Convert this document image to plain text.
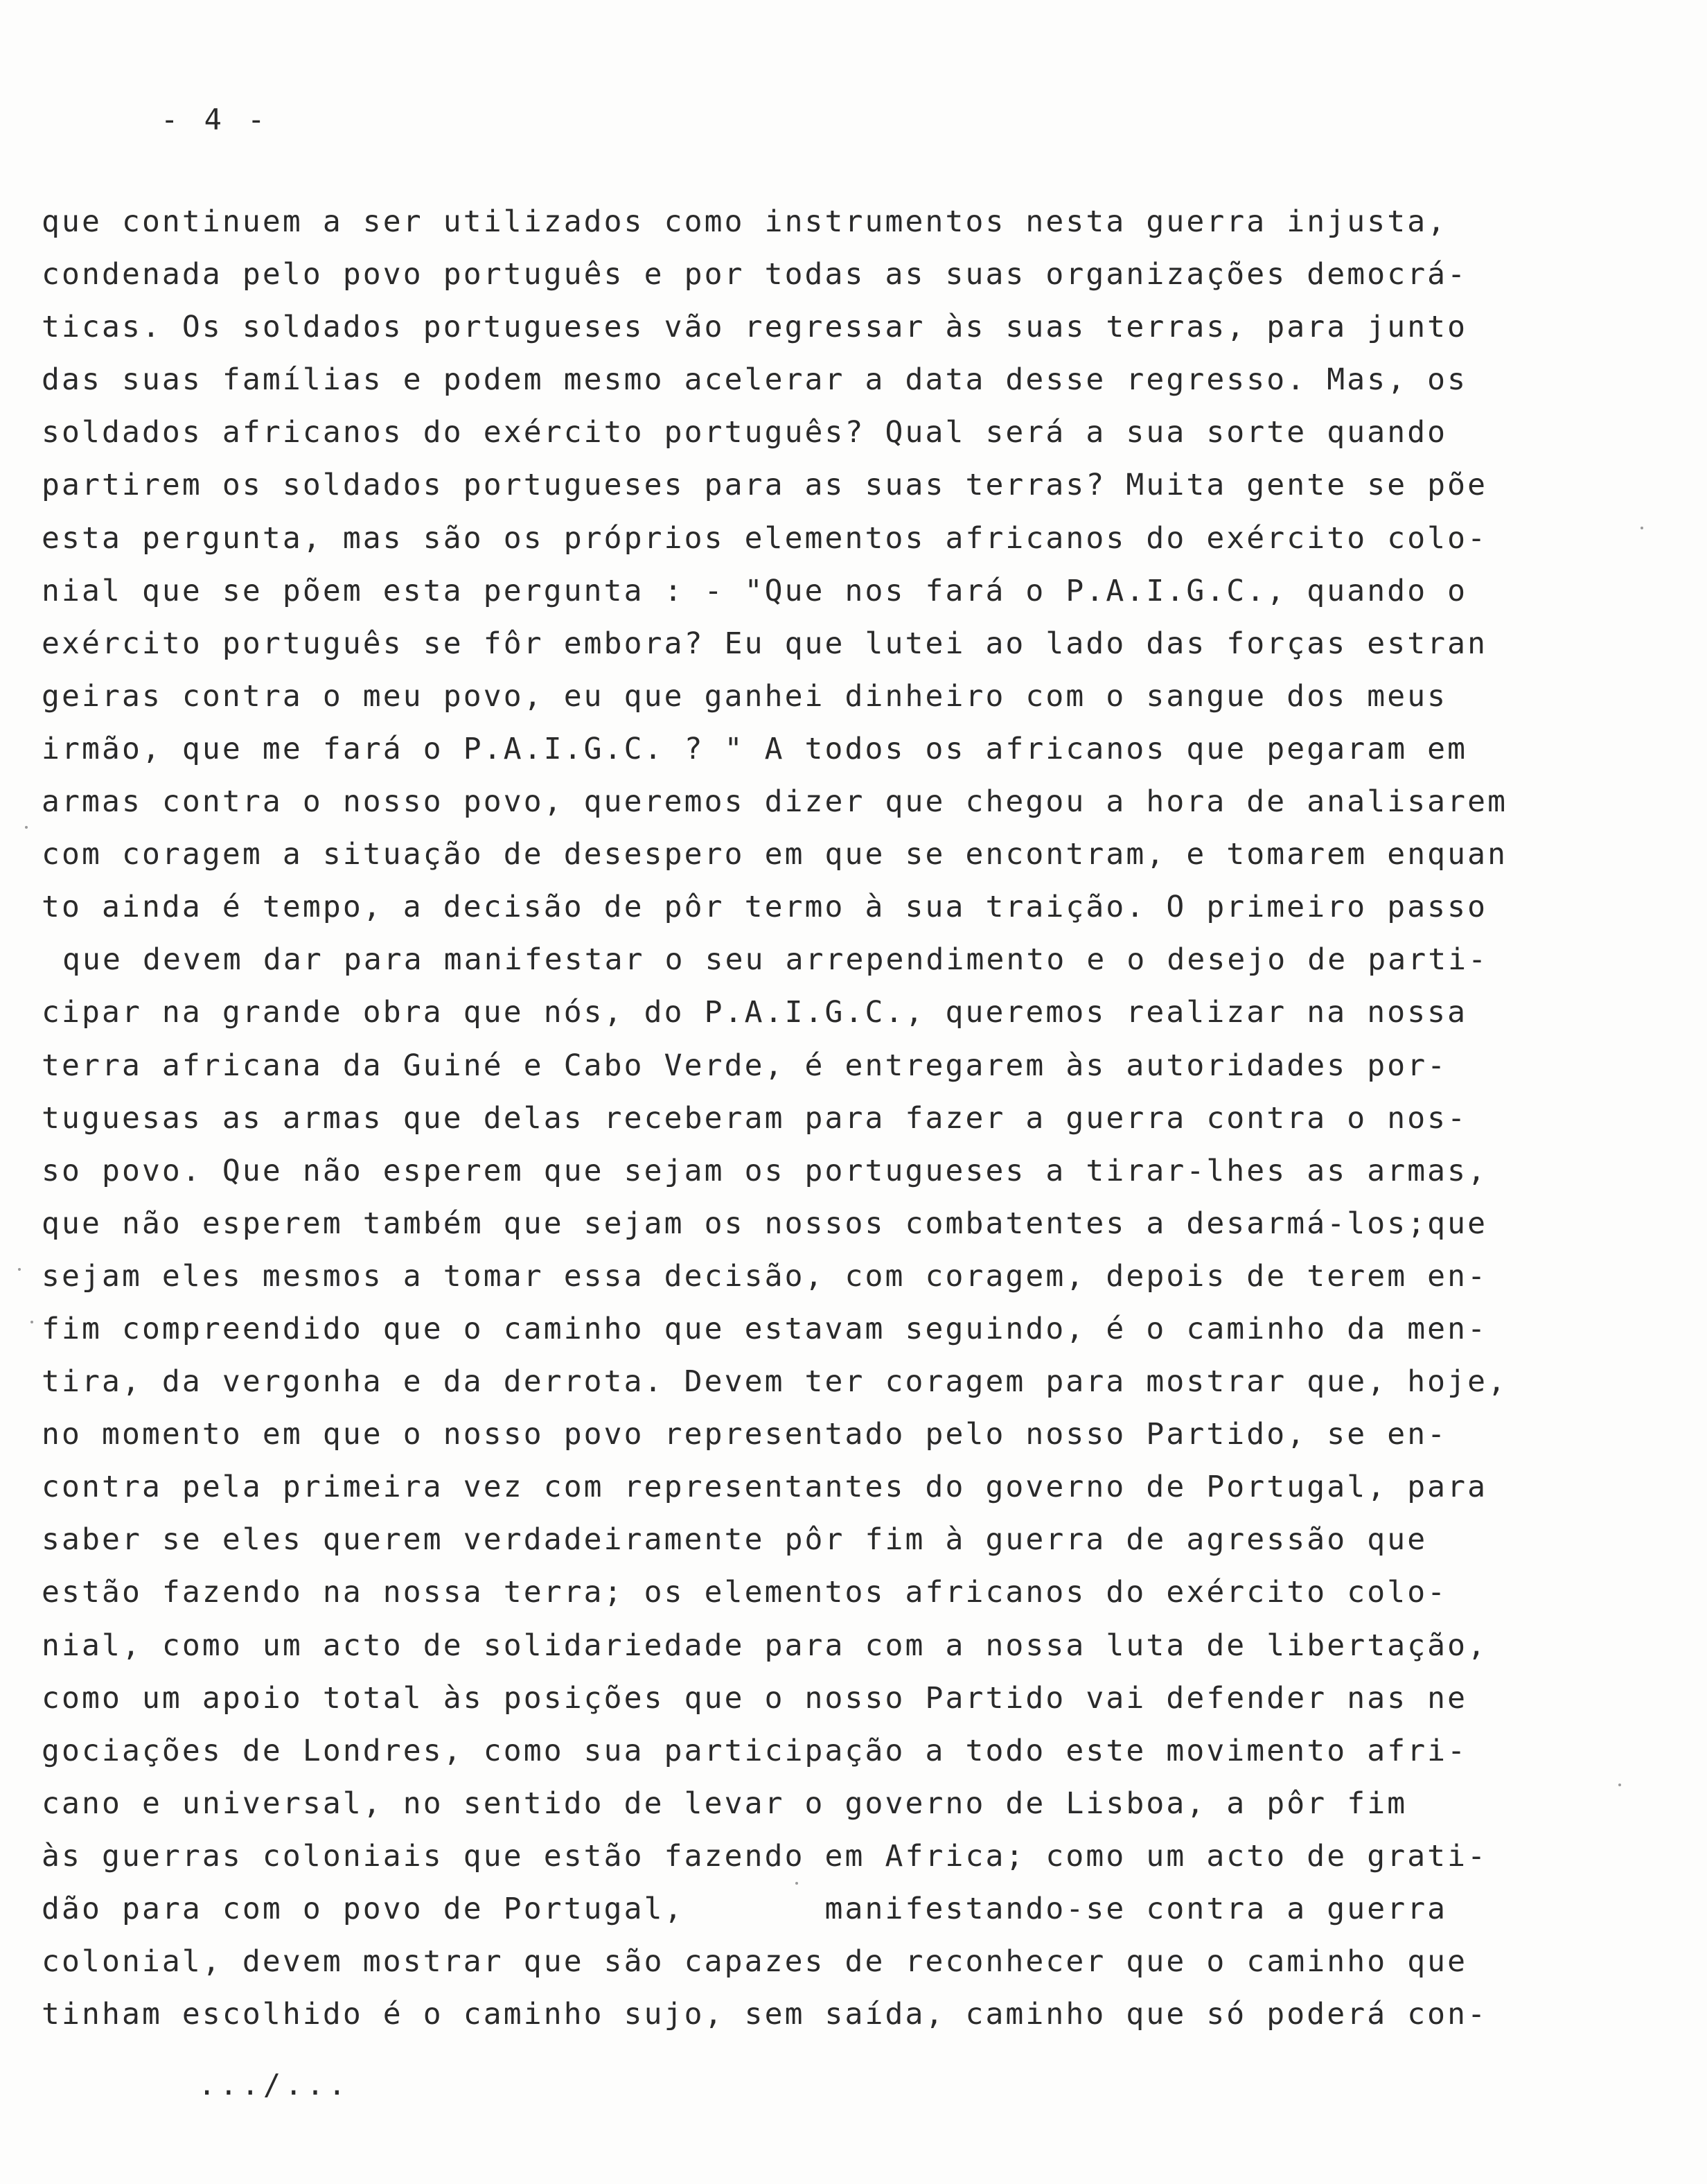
- 4 -
que continuem a ser utilizados como instrumentos nesta guerra injusta,
condenada pelo povo português e por todas as suas organizações democrá-
ticas. Os soldados portugueses vão regressar às suas terras, para junto
das suas famílias e podem mesmo acelerar a data desse regresso. Mas, os
soldados africanos do exército português? Qual será a sua sorte quando
partirem os soldados portugueses para as suas terras? Muita gente se põe
esta pergunta, mas são os próprios elementos africanos do exército colo-
nial que se põem esta pergunta : - "Que nos fará o P.A.I.G.C., quando o
exército português se fôr embora? Eu que lutei ao lado das forças estran
geiras contra o meu povo, eu que ganhei dinheiro com o sangue dos meus
irmão, que me fará o P.A.I.G.C. ? " A todos os africanos que pegaram em
armas contra o nosso povo, queremos dizer que chegou a hora de analisarem
com coragem a situação de desespero em que se encontram, e tomarem enquan
to ainda é tempo, a decisão de pôr termo à sua traição. O primeiro passo
que devem dar para manifestar o seu arrependimento e o desejo de parti-
cipar na grande obra que nós, do P.A.I.G.C., queremos realizar na nossa
terra africana da Guiné e Cabo Verde, é entregarem às autoridades por-
tuguesas as armas que delas receberam para fazer a guerra contra o nos-
so povo. Que não esperem que sejam os portugueses a tirar-lhes as armas,
que não esperem também que sejam os nossos combatentes a desarmá-los;que
sejam eles mesmos a tomar essa decisão, com coragem, depois de terem en-
fim compreendido que o caminho que estavam seguindo, é o caminho da men-
tira, da vergonha e da derrota. Devem ter coragem para mostrar que, hoje,
no momento em que o nosso povo representado pelo nosso Partido, se en-
contra pela primeira vez com representantes do governo de Portugal, para
saber se eles querem verdadeiramente pôr fim à guerra de agressão que
estão fazendo na nossa terra; os elementos africanos do exército colo-
nial, como um acto de solidariedade para com a nossa luta de libertação,
como um apoio total às posições que o nosso Partido vai defender nas ne
gociações de Londres, como sua participação a todo este movimento afri-
cano e universal, no sentido de levar o governo de Lisboa, a pôr fim
às guerras coloniais que estão fazendo em Africa; como um acto de grati-
dão para com o povo de Portugal,       manifestando-se contra a guerra
colonial, devem mostrar que são capazes de reconhecer que o caminho que
tinham escolhido é o caminho sujo, sem saída, caminho que só poderá con-
.../...
